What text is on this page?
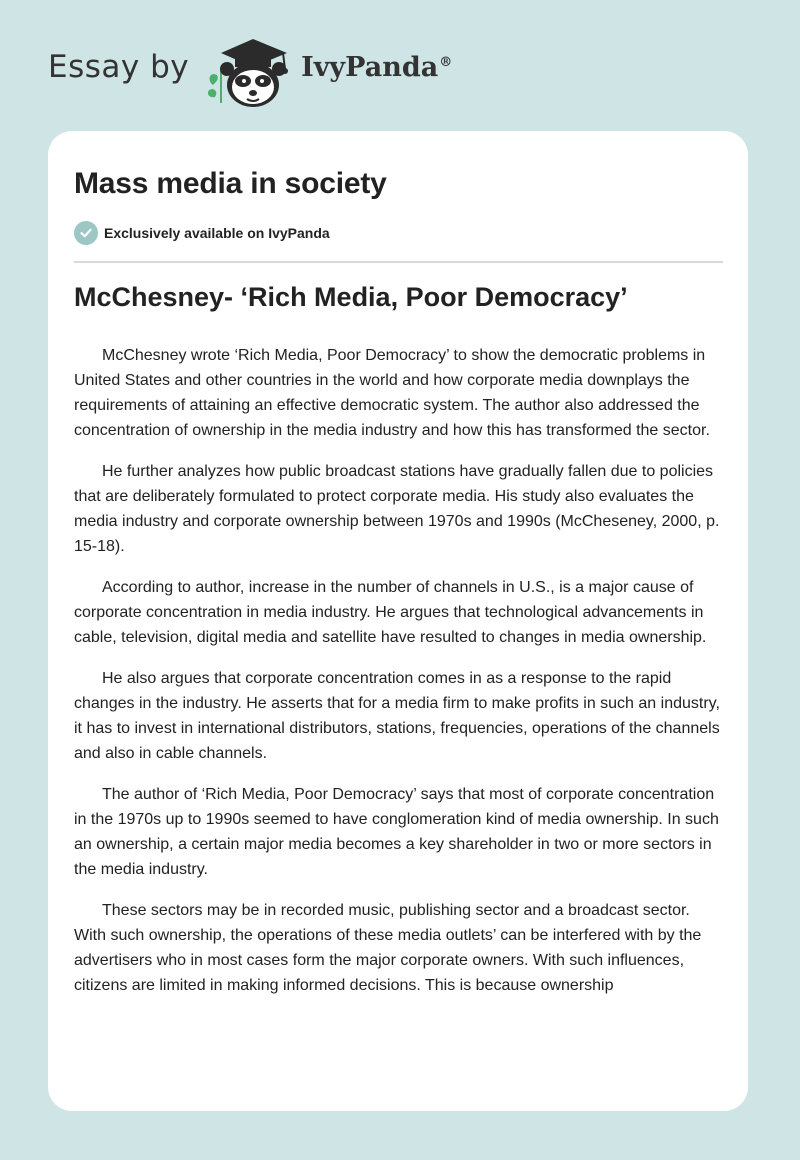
Essay by	IvyPanda®
Mass media in society
Exclusively available on IvyPanda
McChesney- ‘Rich Media, Poor Democracy’

McChesney wrote ‘Rich Media, Poor Democracy’ to show the democratic problems in United States and other countries in the world and how corporate media downplays the requirements of attaining an effective democratic system. The author also addressed the concentration of ownership in the media industry and how this has transformed the sector.

He further analyzes how public broadcast stations have gradually fallen due to policies that are deliberately formulated to protect corporate media. His study also evaluates the media industry and corporate ownership between 1970s and 1990s (McCheseney, 2000, p. 15-18).

According to author, increase in the number of channels in U.S., is a major cause of corporate concentration in media industry. He argues that technological advancements in cable, television, digital media and satellite have resulted to changes in media ownership.

He also argues that corporate concentration comes in as a response to the rapid changes in the industry. He asserts that for a media firm to make profits in such an industry, it has to invest in international distributors, stations, frequencies, operations of the channels and also in cable channels.

The author of ‘Rich Media, Poor Democracy’ says that most of corporate concentration in the 1970s up to 1990s seemed to have conglomeration kind of media ownership. In such an ownership, a certain major media becomes a key shareholder in two or more sectors in the media industry.

These sectors may be in recorded music, publishing sector and a broadcast sector. With such ownership, the operations of these media outlets’ can be interfered with by the advertisers who in most cases form the major corporate owners. With such influences, citizens are limited in making informed decisions. This is because ownership
